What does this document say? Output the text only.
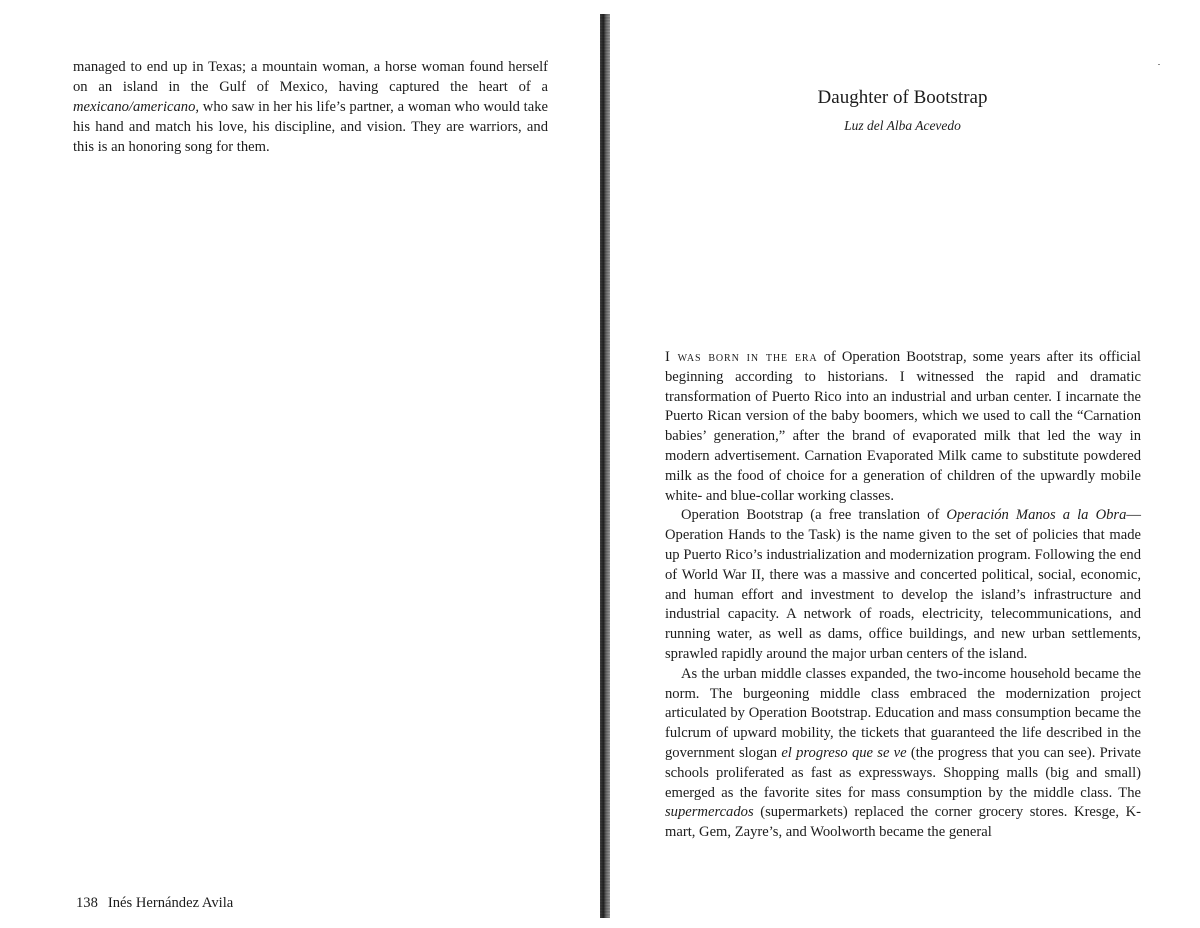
managed to end up in Texas; a mountain woman, a horse woman found herself on an island in the Gulf of Mexico, having captured the heart of a mexicano/americano, who saw in her his life’s partner, a woman who would take his hand and match his love, his discipline, and vision. They are warriors, and this is an honoring song for them.

138 Inés Hernández Avila
Daughter of Bootstrap

Luz del Alba Acevedo

I was born in the era of Operation Bootstrap, some years after its official beginning according to historians. I witnessed the rapid and dramatic transformation of Puerto Rico into an industrial and urban center. I incarnate the Puerto Rican version of the baby boomers, which we used to call the “Carnation babies’ generation,” after the brand of evaporated milk that led the way in modern advertisement. Carnation Evaporated Milk came to substitute powdered milk as the food of choice for a generation of children of the upwardly mobile white- and blue-collar working classes.

Operation Bootstrap (a free translation of Operación Manos a la Obra—Operation Hands to the Task) is the name given to the set of policies that made up Puerto Rico’s industrialization and modernization program. Following the end of World War II, there was a massive and concerted political, social, economic, and human effort and investment to develop the island’s infrastructure and industrial capacity. A network of roads, electricity, telecommunications, and running water, as well as dams, office buildings, and new urban settlements, sprawled rapidly around the major urban centers of the island.

As the urban middle classes expanded, the two-income household became the norm. The burgeoning middle class embraced the modernization project articulated by Operation Bootstrap. Education and mass consumption became the fulcrum of upward mobility, the tickets that guaranteed the life described in the government slogan el progreso que se ve (the progress that you can see). Private schools proliferated as fast as expressways. Shopping malls (big and small) emerged as the favorite sites for mass consumption by the middle class. The supermercados (supermarkets) replaced the corner grocery stores. Kresge, K-mart, Gem, Zayre’s, and Woolworth became the general
